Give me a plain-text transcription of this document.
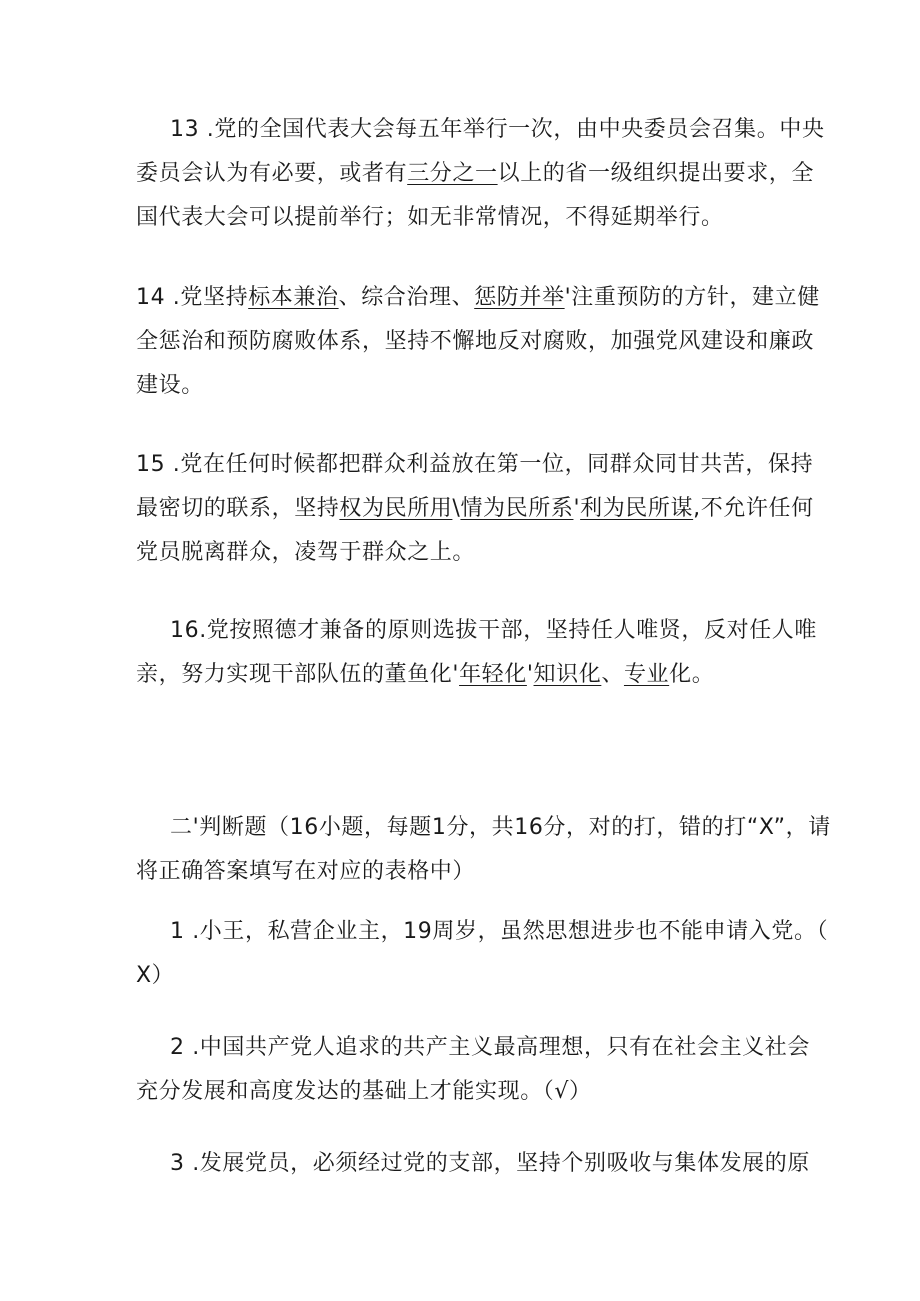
13 .党的全国代表大会每五年举行一次，由中央委员会召集。中央
委员会认为有必要，或者有三分之一以上的省一级组织提出要求，全
国代表大会可以提前举行；如无非常情况，不得延期举行。
14 .党坚持标本兼治、综合治理、惩防并举'注重预防的方针，建立健
全惩治和预防腐败体系，坚持不懈地反对腐败，加强党风建设和廉政
建设。
15 .党在任何时候都把群众利益放在第一位，同群众同甘共苦，保持
最密切的联系，坚持权为民所用\情为民所系'利为民所谋,不允许任何
党员脱离群众，凌驾于群众之上。
16.党按照德才兼备的原则选拔干部，坚持任人唯贤，反对任人唯
亲，努力实现干部队伍的董鱼化'年轻化'知识化、专业化。
二'判断题（16小题，每题1分，共16分，对的打，错的打“X”，请
将正确答案填写在对应的表格中）
1 .小王，私营企业主，19周岁，虽然思想进步也不能申请入党。（
X）
2 .中国共产党人追求的共产主义最高理想，只有在社会主义社会
充分发展和高度发达的基础上才能实现。（√）
3 .发展党员，必须经过党的支部，坚持个别吸收与集体发展的原
